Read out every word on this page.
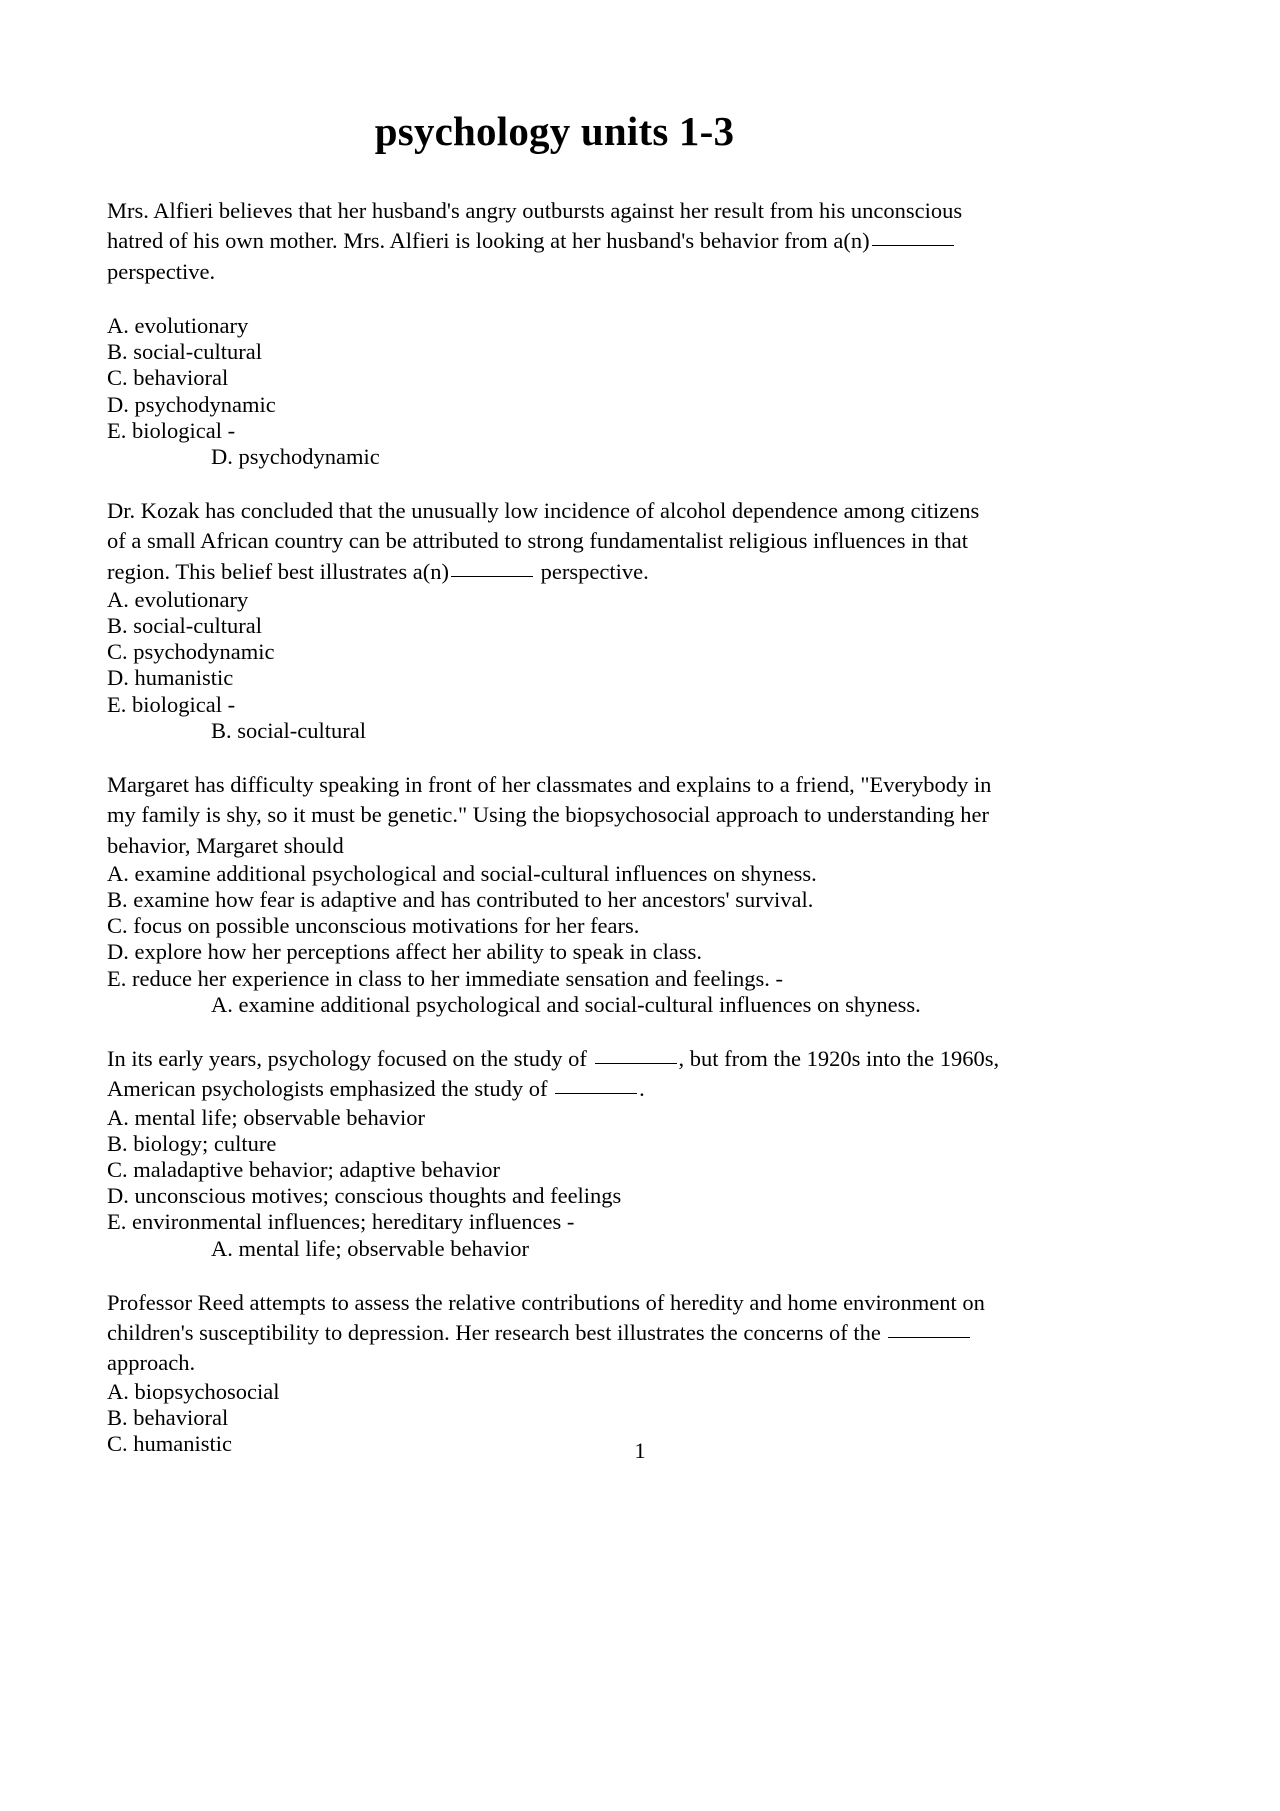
psychology units 1-3

Mrs. Alfieri believes that her husband's angry outbursts against her result from his unconscious hatred of his own mother. Mrs. Alfieri is looking at her husband's behavior from a(n) perspective.

A. evolutionary
B. social-cultural
C. behavioral
D. psychodynamic
E. biological -

D. psychodynamic

Dr. Kozak has concluded that the unusually low incidence of alcohol dependence among citizens of a small African country can be attributed to strong fundamentalist religious influences in that region. This belief best illustrates a(n)	perspective.

A. evolutionary
B. social-cultural
C. psychodynamic
D. humanistic
E. biological -

B. social-cultural

Margaret has difficulty speaking in front of her classmates and explains to a friend, "Everybody in my family is shy, so it must be genetic." Using the biopsychosocial approach to understanding her behavior, Margaret should

A. examine additional psychological and social-cultural influences on shyness.
B. examine how fear is adaptive and has contributed to her ancestors' survival.
C. focus on possible unconscious motivations for her fears.
D. explore how her perceptions affect her ability to speak in class.
E. reduce her experience in class to her immediate sensation and feelings. -

A. examine additional psychological and social-cultural influences on shyness.

In its early years, psychology focused on the study of	, but from the 1920s into the 1960s, American psychologists emphasized the study of	.

A. mental life; observable behavior
B. biology; culture
C. maladaptive behavior; adaptive behavior
D. unconscious motives; conscious thoughts and feelings
E. environmental influences; hereditary influences -

A. mental life; observable behavior

Professor Reed attempts to assess the relative contributions of heredity and home environment on children's susceptibility to depression. Her research best illustrates the concerns of the  approach.

A. biopsychosocial
B. behavioral
C. humanistic	1
